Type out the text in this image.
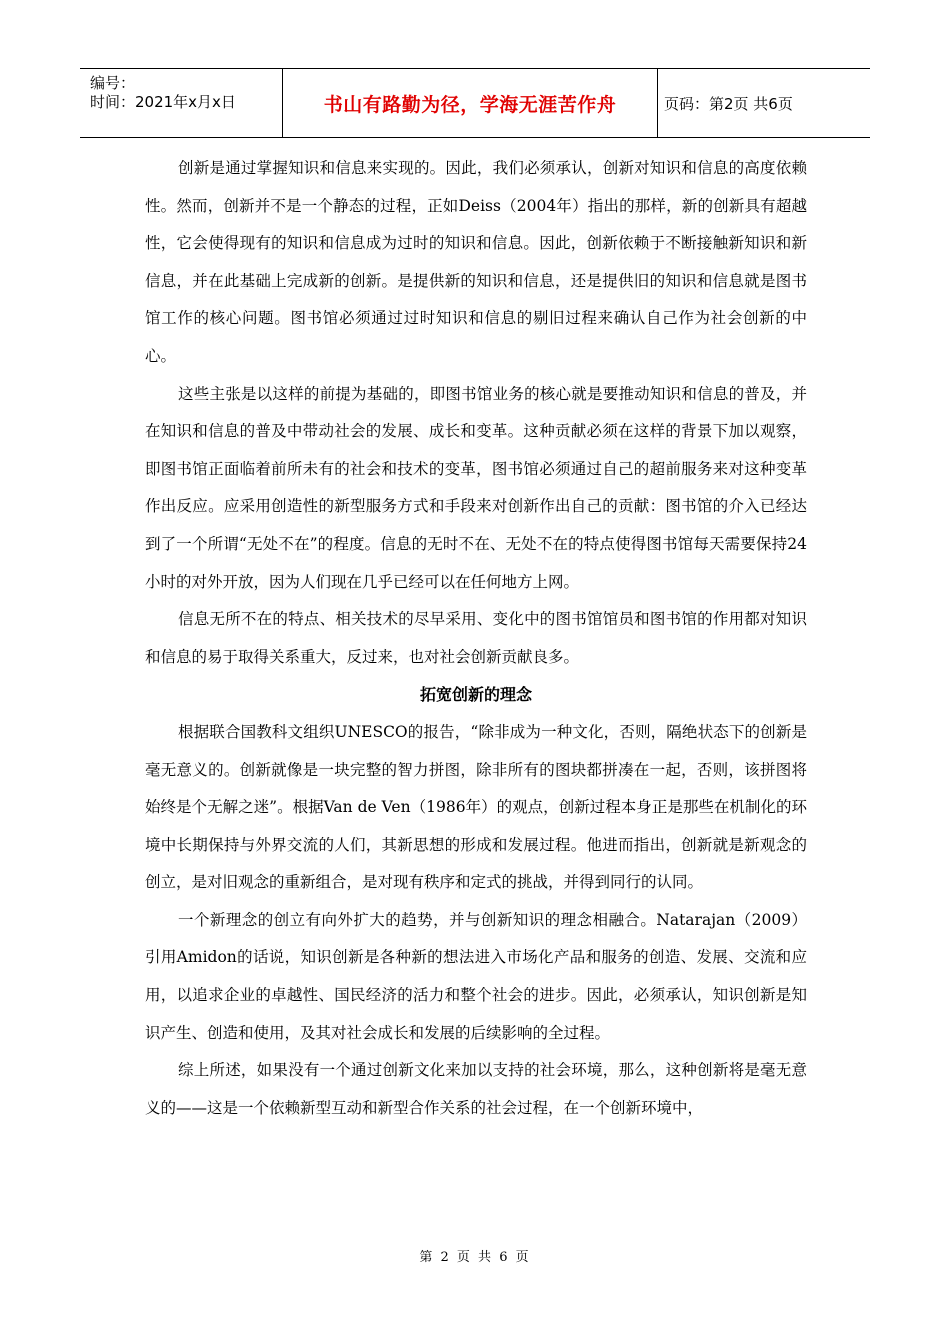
编号：
时间：2021年x月x日	书山有路勤为径，学海无涯苦作舟	页码：第2页 共6页

创新是通过掌握知识和信息来实现的。因此，我们必须承认，创新对知识和信息的高度依赖性。然而，创新并不是一个静态的过程，正如Deiss（2004年）指出的那样，新的创新具有超越性，它会使得现有的知识和信息成为过时的知识和信息。因此，创新依赖于不断接触新知识和新信息，并在此基础上完成新的创新。是提供新的知识和信息，还是提供旧的知识和信息就是图书馆工作的核心问题。图书馆必须通过过时知识和信息的剔旧过程来确认自己作为社会创新的中心。

这些主张是以这样的前提为基础的，即图书馆业务的核心就是要推动知识和信息的普及，并在知识和信息的普及中带动社会的发展、成长和变革。这种贡献必须在这样的背景下加以观察，即图书馆正面临着前所未有的社会和技术的变革，图书馆必须通过自己的超前服务来对这种变革作出反应。应采用创造性的新型服务方式和手段来对创新作出自己的贡献：图书馆的介入已经达到了一个所谓“无处不在”的程度。信息的无时不在、无处不在的特点使得图书馆每天需要保持24小时的对外开放，因为人们现在几乎已经可以在任何地方上网。

信息无所不在的特点、相关技术的尽早采用、变化中的图书馆馆员和图书馆的作用都对知识和信息的易于取得关系重大，反过来，也对社会创新贡献良多。

拓宽创新的理念

根据联合国教科文组织UNESCO的报告，“除非成为一种文化，否则，隔绝状态下的创新是毫无意义的。创新就像是一块完整的智力拼图，除非所有的图块都拼凑在一起，否则，该拼图将始终是个无解之迷”。根据Van de Ven（1986年）的观点，创新过程本身正是那些在机制化的环境中长期保持与外界交流的人们，其新思想的形成和发展过程。他进而指出，创新就是新观念的创立，是对旧观念的重新组合，是对现有秩序和定式的挑战，并得到同行的认同。

一个新理念的创立有向外扩大的趋势，并与创新知识的理念相融合。Natarajan（2009）引用Amidon的话说，知识创新是各种新的想法进入市场化产品和服务的创造、发展、交流和应用，以追求企业的卓越性、国民经济的活力和整个社会的进步。因此，必须承认，知识创新是知识产生、创造和使用，及其对社会成长和发展的后续影响的全过程。

综上所述，如果没有一个通过创新文化来加以支持的社会环境，那么，这种创新将是毫无意义的——这是一个依赖新型互动和新型合作关系的社会过程，在一个创新环境中，

第 2 页 共 6 页
